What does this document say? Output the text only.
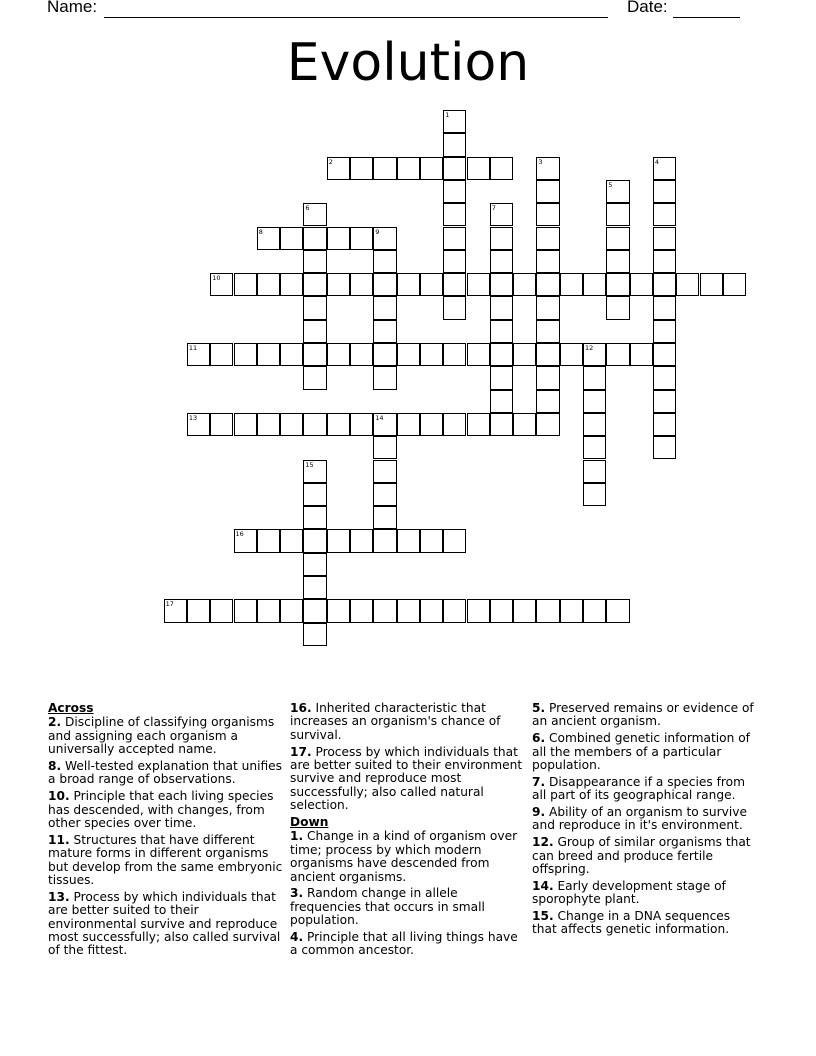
Name:	Date:
Evolution
1
2	3	4
5
6	7
8	9
10
11	12
13	14
15
16
17
Across
2. Discipline of classifying organisms and assigning each organism a universally accepted name.
8. Well-tested explanation that unifies a broad range of observations.
10. Principle that each living species has descended, with changes, from other species over time.
11. Structures that have different mature forms in different organisms but develop from the same embryonic tissues.
13. Process by which individuals that are better suited to their environmental survive and reproduce most successfully; also called survival of the fittest.
16. Inherited characteristic that increases an organism's chance of survival.
17. Process by which individuals that are better suited to their environment survive and reproduce most successfully; also called natural selection.
Down
1. Change in a kind of organism over time; process by which modern organisms have descended from ancient organisms.
3. Random change in allele frequencies that occurs in small population.
4. Principle that all living things have a common ancestor.
5. Preserved remains or evidence of an ancient organism.
6. Combined genetic information of all the members of a particular population.
7. Disappearance if a species from all part of its geographical range.
9. Ability of an organism to survive and reproduce in it's environment.
12. Group of similar organisms that can breed and produce fertile offspring.
14. Early development stage of sporophyte plant.
15. Change in a DNA sequences that affects genetic information.
